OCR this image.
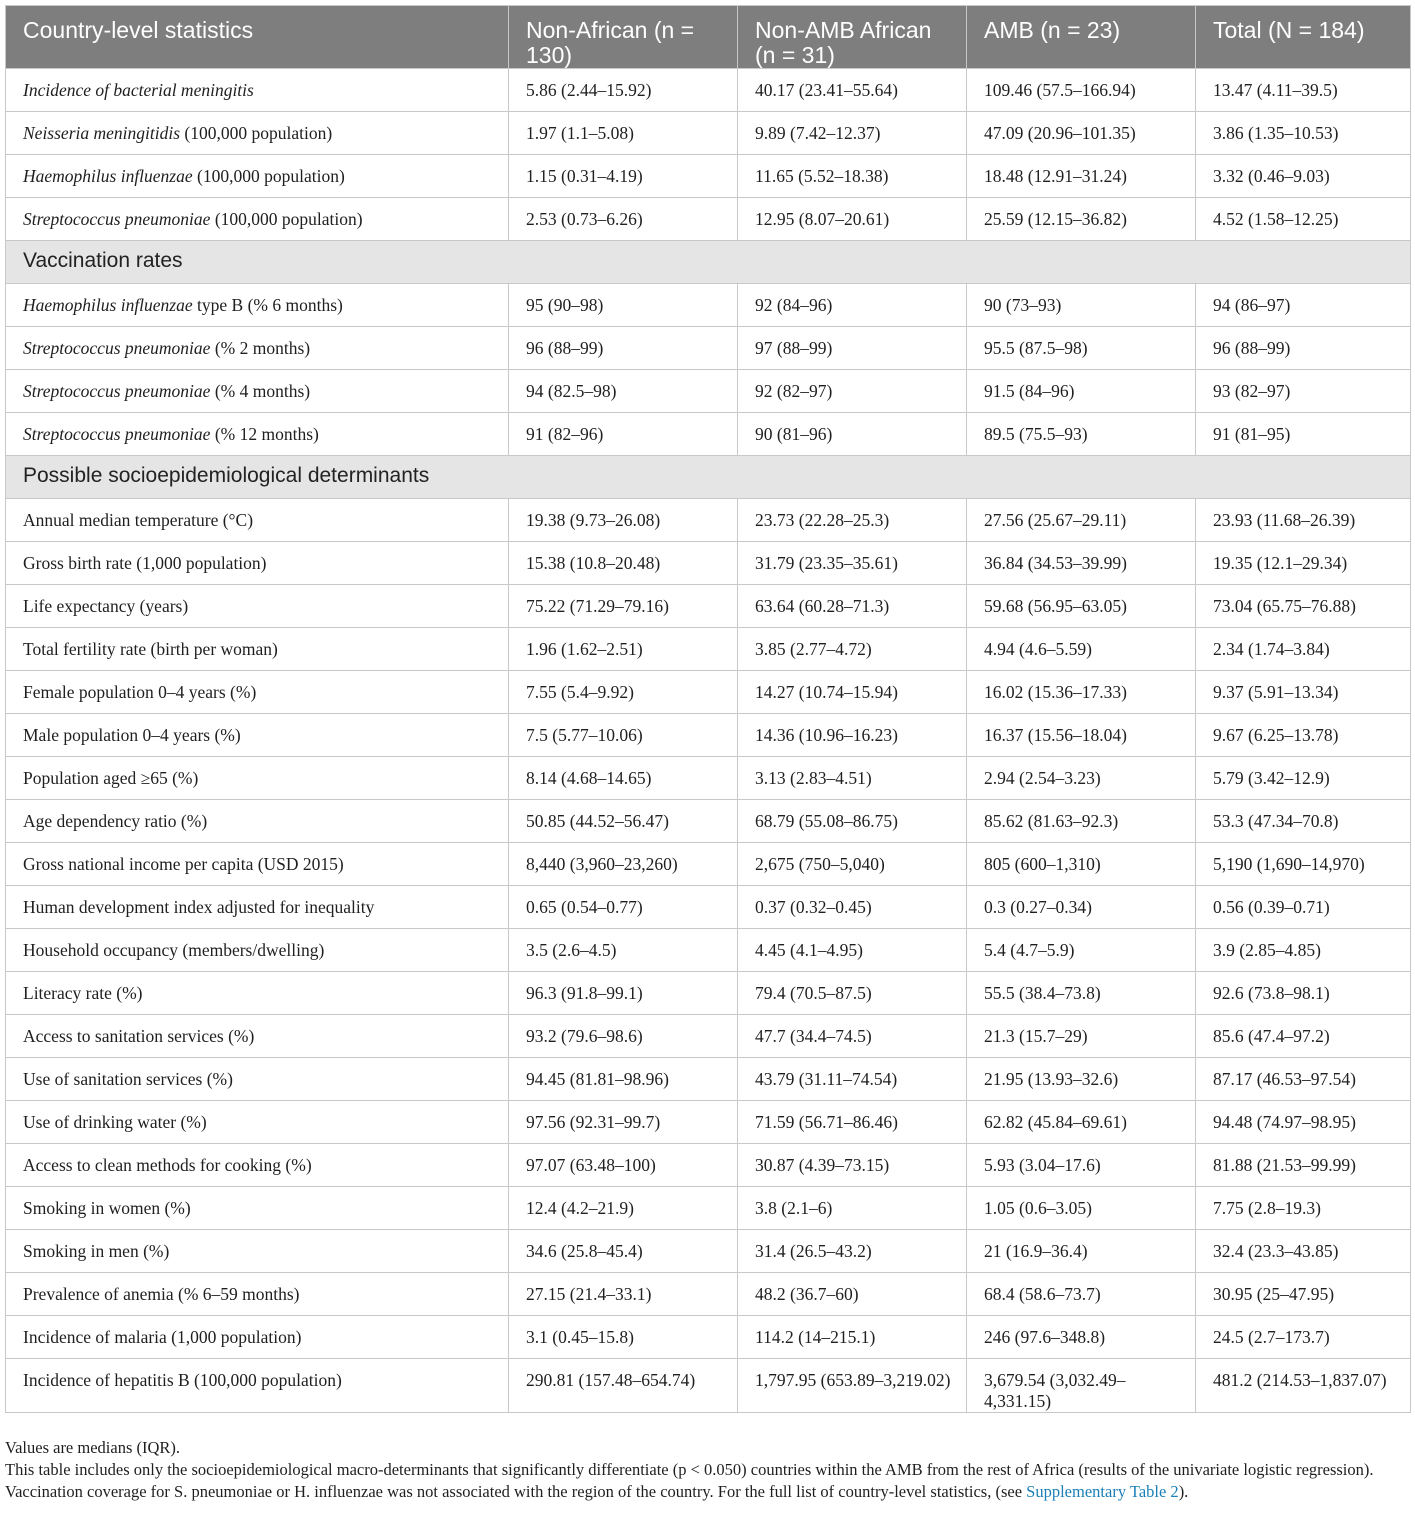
Country-level statistics	Non-African (n = 130)	Non-AMB African (n = 31)	AMB (n = 23)	Total (N = 184)
Incidence of bacterial meningitis	5.86 (2.44–15.92)	40.17 (23.41–55.64)	109.46 (57.5–166.94)	13.47 (4.11–39.5)
Neisseria meningitidis (100,000 population)	1.97 (1.1–5.08)	9.89 (7.42–12.37)	47.09 (20.96–101.35)	3.86 (1.35–10.53)
Haemophilus influenzae (100,000 population)	1.15 (0.31–4.19)	11.65 (5.52–18.38)	18.48 (12.91–31.24)	3.32 (0.46–9.03)
Streptococcus pneumoniae (100,000 population)	2.53 (0.73–6.26)	12.95 (8.07–20.61)	25.59 (12.15–36.82)	4.52 (1.58–12.25)
Vaccination rates				
Haemophilus influenzae type B (% 6 months)	95 (90–98)	92 (84–96)	90 (73–93)	94 (86–97)
Streptococcus pneumoniae (% 2 months)	96 (88–99)	97 (88–99)	95.5 (87.5–98)	96 (88–99)
Streptococcus pneumoniae (% 4 months)	94 (82.5–98)	92 (82–97)	91.5 (84–96)	93 (82–97)
Streptococcus pneumoniae (% 12 months)	91 (82–96)	90 (81–96)	89.5 (75.5–93)	91 (81–95)
Possible socioepidemiological determinants				
Annual median temperature (°C)	19.38 (9.73–26.08)	23.73 (22.28–25.3)	27.56 (25.67–29.11)	23.93 (11.68–26.39)
Gross birth rate (1,000 population)	15.38 (10.8–20.48)	31.79 (23.35–35.61)	36.84 (34.53–39.99)	19.35 (12.1–29.34)
Life expectancy (years)	75.22 (71.29–79.16)	63.64 (60.28–71.3)	59.68 (56.95–63.05)	73.04 (65.75–76.88)
Total fertility rate (birth per woman)	1.96 (1.62–2.51)	3.85 (2.77–4.72)	4.94 (4.6–5.59)	2.34 (1.74–3.84)
Female population 0–4 years (%)	7.55 (5.4–9.92)	14.27 (10.74–15.94)	16.02 (15.36–17.33)	9.37 (5.91–13.34)
Male population 0–4 years (%)	7.5 (5.77–10.06)	14.36 (10.96–16.23)	16.37 (15.56–18.04)	9.67 (6.25–13.78)
Population aged ≥65 (%)	8.14 (4.68–14.65)	3.13 (2.83–4.51)	2.94 (2.54–3.23)	5.79 (3.42–12.9)
Age dependency ratio (%)	50.85 (44.52–56.47)	68.79 (55.08–86.75)	85.62 (81.63–92.3)	53.3 (47.34–70.8)
Gross national income per capita (USD 2015)	8,440 (3,960–23,260)	2,675 (750–5,040)	805 (600–1,310)	5,190 (1,690–14,970)
Human development index adjusted for inequality	0.65 (0.54–0.77)	0.37 (0.32–0.45)	0.3 (0.27–0.34)	0.56 (0.39–0.71)
Household occupancy (members/dwelling)	3.5 (2.6–4.5)	4.45 (4.1–4.95)	5.4 (4.7–5.9)	3.9 (2.85–4.85)
Literacy rate (%)	96.3 (91.8–99.1)	79.4 (70.5–87.5)	55.5 (38.4–73.8)	92.6 (73.8–98.1)
Access to sanitation services (%)	93.2 (79.6–98.6)	47.7 (34.4–74.5)	21.3 (15.7–29)	85.6 (47.4–97.2)
Use of sanitation services (%)	94.45 (81.81–98.96)	43.79 (31.11–74.54)	21.95 (13.93–32.6)	87.17 (46.53–97.54)
Use of drinking water (%)	97.56 (92.31–99.7)	71.59 (56.71–86.46)	62.82 (45.84–69.61)	94.48 (74.97–98.95)
Access to clean methods for cooking (%)	97.07 (63.48–100)	30.87 (4.39–73.15)	5.93 (3.04–17.6)	81.88 (21.53–99.99)
Smoking in women (%)	12.4 (4.2–21.9)	3.8 (2.1–6)	1.05 (0.6–3.05)	7.75 (2.8–19.3)
Smoking in men (%)	34.6 (25.8–45.4)	31.4 (26.5–43.2)	21 (16.9–36.4)	32.4 (23.3–43.85)
Prevalence of anemia (% 6–59 months)	27.15 (21.4–33.1)	48.2 (36.7–60)	68.4 (58.6–73.7)	30.95 (25–47.95)
Incidence of malaria (1,000 population)	3.1 (0.45–15.8)	114.2 (14–215.1)	246 (97.6–348.8)	24.5 (2.7–173.7)
Incidence of hepatitis B (100,000 population)	290.81 (157.48–654.74)	1,797.95 (653.89–3,219.02)	3,679.54 (3,032.49–4,331.15)	481.2 (214.53–1,837.07)

Values are medians (IQR).

This table includes only the socioepidemiological macro-determinants that significantly differentiate (p < 0.050) countries within the AMB from the rest of Africa (results of the univariate logistic regression). Vaccination coverage for S. pneumoniae or H. influenzae was not associated with the region of the country. For the full list of country-level statistics, (see Supplementary Table 2).
